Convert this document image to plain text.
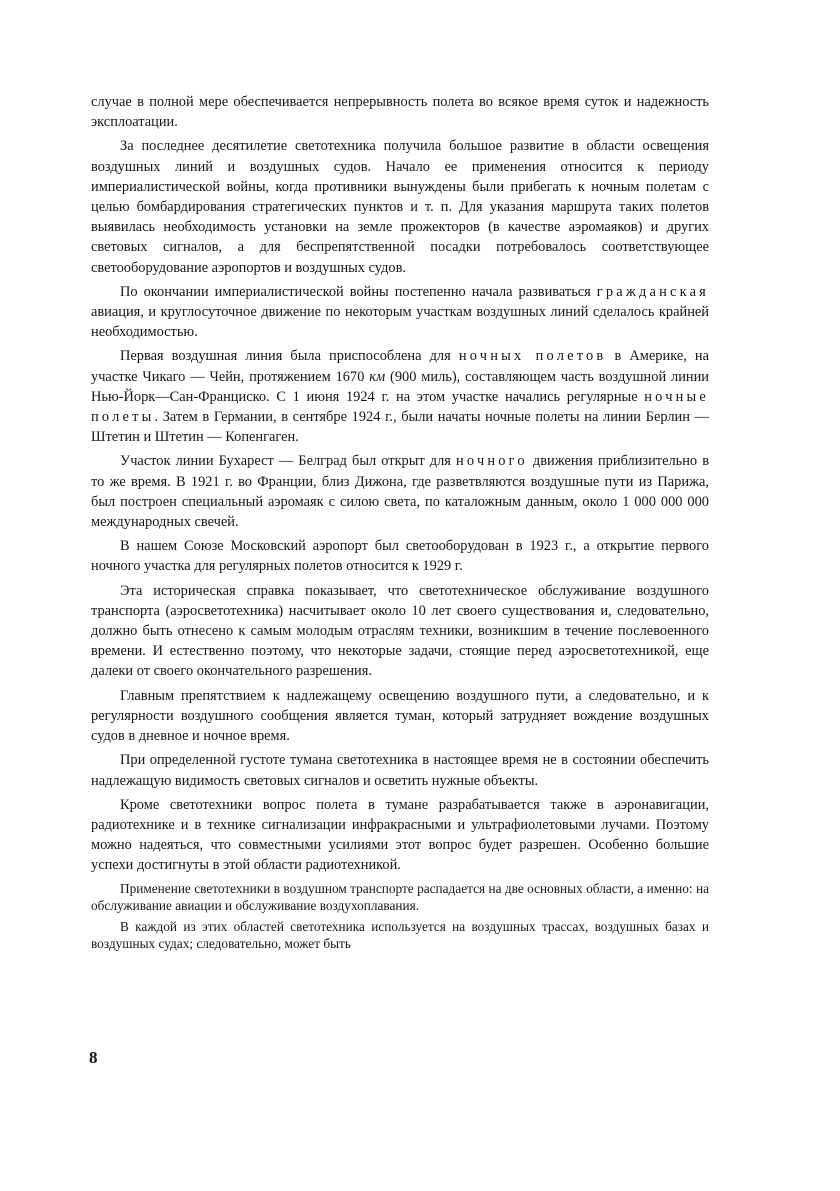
случае в полной мере обеспечивается непрерывность полета во всякое время суток и надежность эксплоатации.

За последнее десятилетие светотехника получила большое развитие в области освещения воздушных линий и воздушных судов. Начало ее применения относится к периоду империалистической войны, когда противники вынуждены были прибегать к ночным полетам с целью бомбардирования стратегических пунктов и т. п. Для указания маршрута таких полетов выявилась необходимость установки на земле прожекторов (в качестве аэромаяков) и других световых сигналов, а для беспрепятственной посадки потребовалось соответствующее светооборудование аэропортов и воздушных судов.

По окончании империалистической войны постепенно начала развиваться гражданская авиация, и круглосуточное движение по некоторым участкам воздушных линий сделалось крайней необходимостью.

Первая воздушная линия была приспособлена для ночных полетов в Америке, на участке Чикаго — Чейн, протяжением 1670 км (900 миль), составляющем часть воздушной линии Нью-Йорк—Сан-Франциско. С 1 июня 1924 г. на этом участке начались регулярные ночные полеты. Затем в Германии, в сентябре 1924 г., были начаты ночные полеты на линии Берлин — Штетин и Штетин — Копенгаген.

Участок линии Бухарест — Белград был открыт для ночного движения приблизительно в то же время. В 1921 г. во Франции, близ Дижона, где разветвляются воздушные пути из Парижа, был построен специальный аэромаяк с силою света, по каталожным данным, около 1 000 000 000 международных свечей.

В нашем Союзе Московский аэропорт был светооборудован в 1923 г., а открытие первого ночного участка для регулярных полетов относится к 1929 г.

Эта историческая справка показывает, что светотехническое обслуживание воздушного транспорта (аэросветотехника) насчитывает около 10 лет своего существования и, следовательно, должно быть отнесено к самым молодым отраслям техники, возникшим в течение послевоенного времени. И естественно поэтому, что некоторые задачи, стоящие перед аэросветотехникой, еще далеки от своего окончательного разрешения.

Главным препятствием к надлежащему освещению воздушного пути, а следовательно, и к регулярности воздушного сообщения является туман, который затрудняет вождение воздушных судов в дневное и ночное время.

При определенной густоте тумана светотехника в настоящее время не в состоянии обеспечить надлежащую видимость световых сигналов и осветить нужные объекты.

Кроме светотехники вопрос полета в тумане разрабатывается также в аэронавигации, радиотехнике и в технике сигнализации инфракрасными и ультрафиолетовыми лучами. Поэтому можно надеяться, что совместными усилиями этот вопрос будет разрешен. Особенно большие успехи достигнуты в этой области радиотехникой.

Применение светотехники в воздушном транспорте распадается на две основных области, а именно: на обслуживание авиации и обслуживание воздухоплавания.

В каждой из этих областей светотехника используется на воздушных трассах, воздушных базах и воздушных судах; следовательно, может быть

8
